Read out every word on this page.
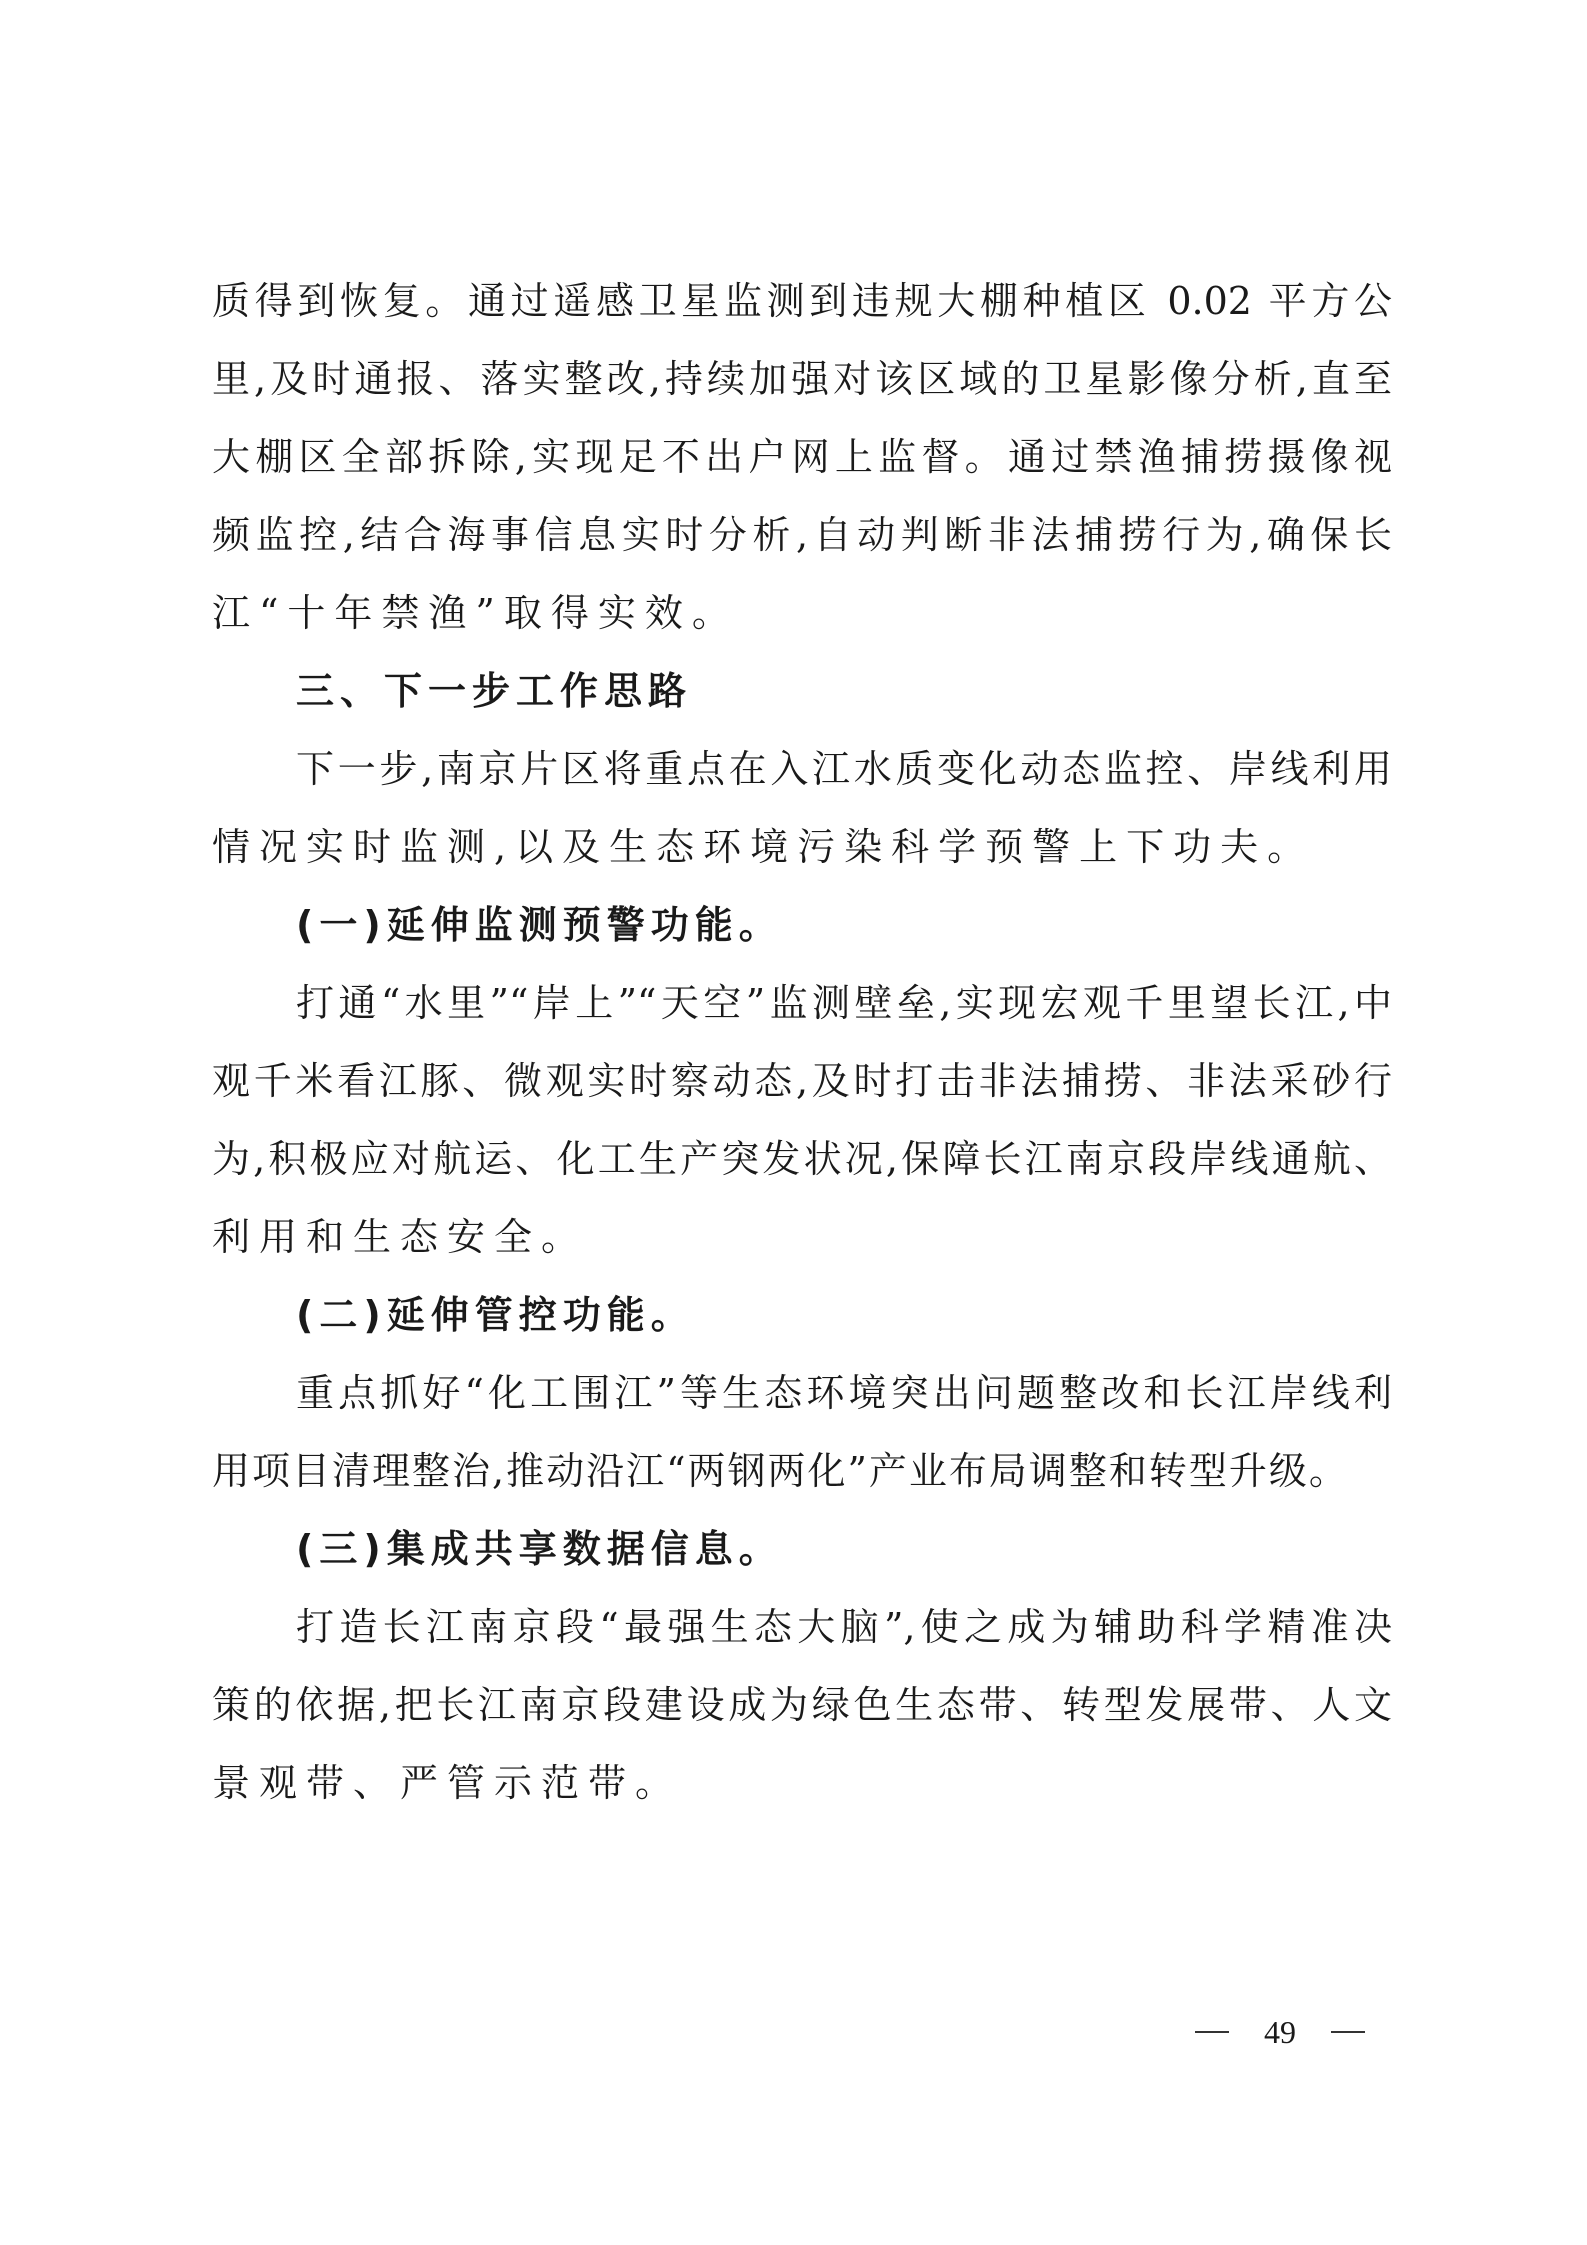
质得到恢复。通过遥感卫星监测到违规大棚种植区 0.02 平方公
里,及时通报、落实整改,持续加强对该区域的卫星影像分析,直至
大棚区全部拆除,实现足不出户网上监督。通过禁渔捕捞摄像视
频监控,结合海事信息实时分析,自动判断非法捕捞行为,确保长
江“十年禁渔”取得实效。
三、下一步工作思路
下一步,南京片区将重点在入江水质变化动态监控、岸线利用
情况实时监测,以及生态环境污染科学预警上下功夫。
(一)延伸监测预警功能。
打通“水里”“岸上”“天空”监测壁垒,实现宏观千里望长江,中
观千米看江豚、微观实时察动态,及时打击非法捕捞、非法采砂行
为,积极应对航运、化工生产突发状况,保障长江南京段岸线通航、
利用和生态安全。
(二)延伸管控功能。
重点抓好“化工围江”等生态环境突出问题整改和长江岸线利
用项目清理整治,推动沿江“两钢两化”产业布局调整和转型升级。
(三)集成共享数据信息。
打造长江南京段“最强生态大脑”,使之成为辅助科学精准决
策的依据,把长江南京段建设成为绿色生态带、转型发展带、人文
景观带、严管示范带。
49
